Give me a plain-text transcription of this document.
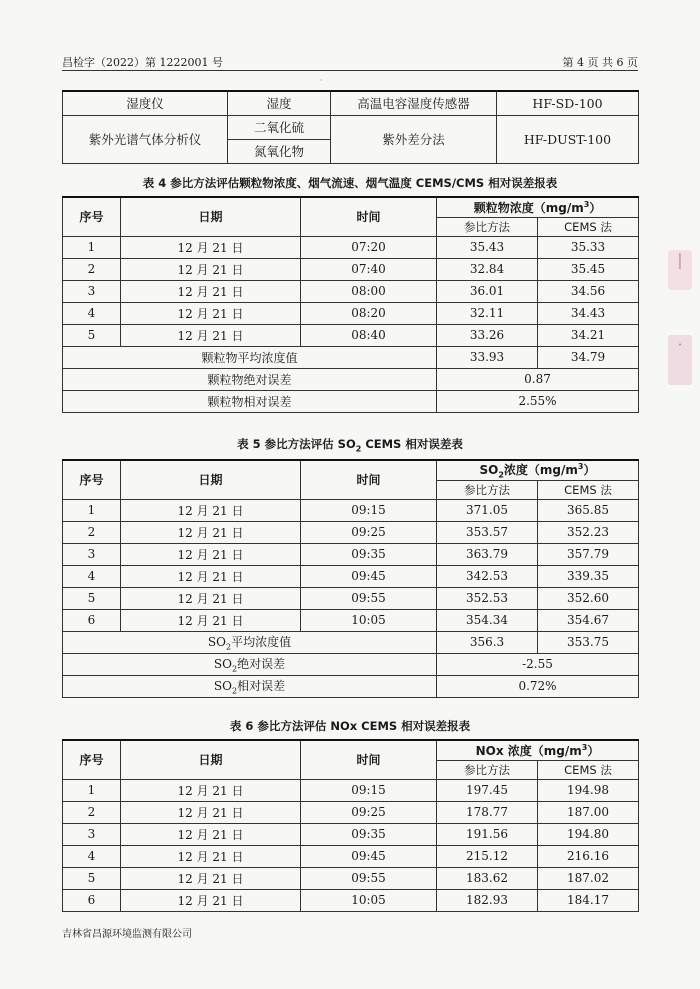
昌检字（2022）第 1222001 号	第 4 页 共 6 页
·
湿度仪	湿度	高温电容湿度传感器	HF-SD-100
紫外光谱气体分析仪	二氧化硫	紫外差分法	HF-DUST-100
	氮氧化物		
表 4 参比方法评估颗粒物浓度、烟气流速、烟气温度 CEMS/CMS 相对误差报表
序号	日期	时间	颗粒物浓度$(mg/m^3)$	
			参比方法	CEMS 法
1	12 月 21 日	07:20	35.43	35.33
2	12 月 21 日	07:40	32.84	35.45
3	12 月 21 日	08:00	36.01	34.56
4	12 月 21 日	08:20	32.11	34.43
5	12 月 21 日	08:40	33.26	34.21
颗粒物平均浓度值			33.93	34.79
颗粒物绝对误差			0.87	
颗粒物相对误差			2.55%	
表 5 参比方法评估 $SO_2$ CEMS 相对误差表
序号	日期	时间	$SO_2$浓度$(mg/m^3)$	
			参比方法	CEMS 法
1	12 月 21 日	09:15	371.05	365.85
2	12 月 21 日	09:25	353.57	352.23
3	12 月 21 日	09:35	363.79	357.79
4	12 月 21 日	09:45	342.53	339.35
5	12 月 21 日	09:55	352.53	352.60
6	12 月 21 日	10:05	354.34	354.67
$SO_2$平均浓度值			356.3	353.75
$SO_2$绝对误差			-2.55	
$SO_2$相对误差			0.72%	
表 6 参比方法评估 NOx CEMS 相对误差报表
序号	日期	时间	NOx 浓度$(mg/m^3)$	
			参比方法	CEMS 法
1	12 月 21 日	09:15	197.45	194.98
2	12 月 21 日	09:25	178.77	187.00
3	12 月 21 日	09:35	191.56	194.80
4	12 月 21 日	09:45	215.12	216.16
5	12 月 21 日	09:55	183.62	187.02
6	12 月 21 日	10:05	182.93	184.17
吉林省昌源环境监测有限公司
|
·
